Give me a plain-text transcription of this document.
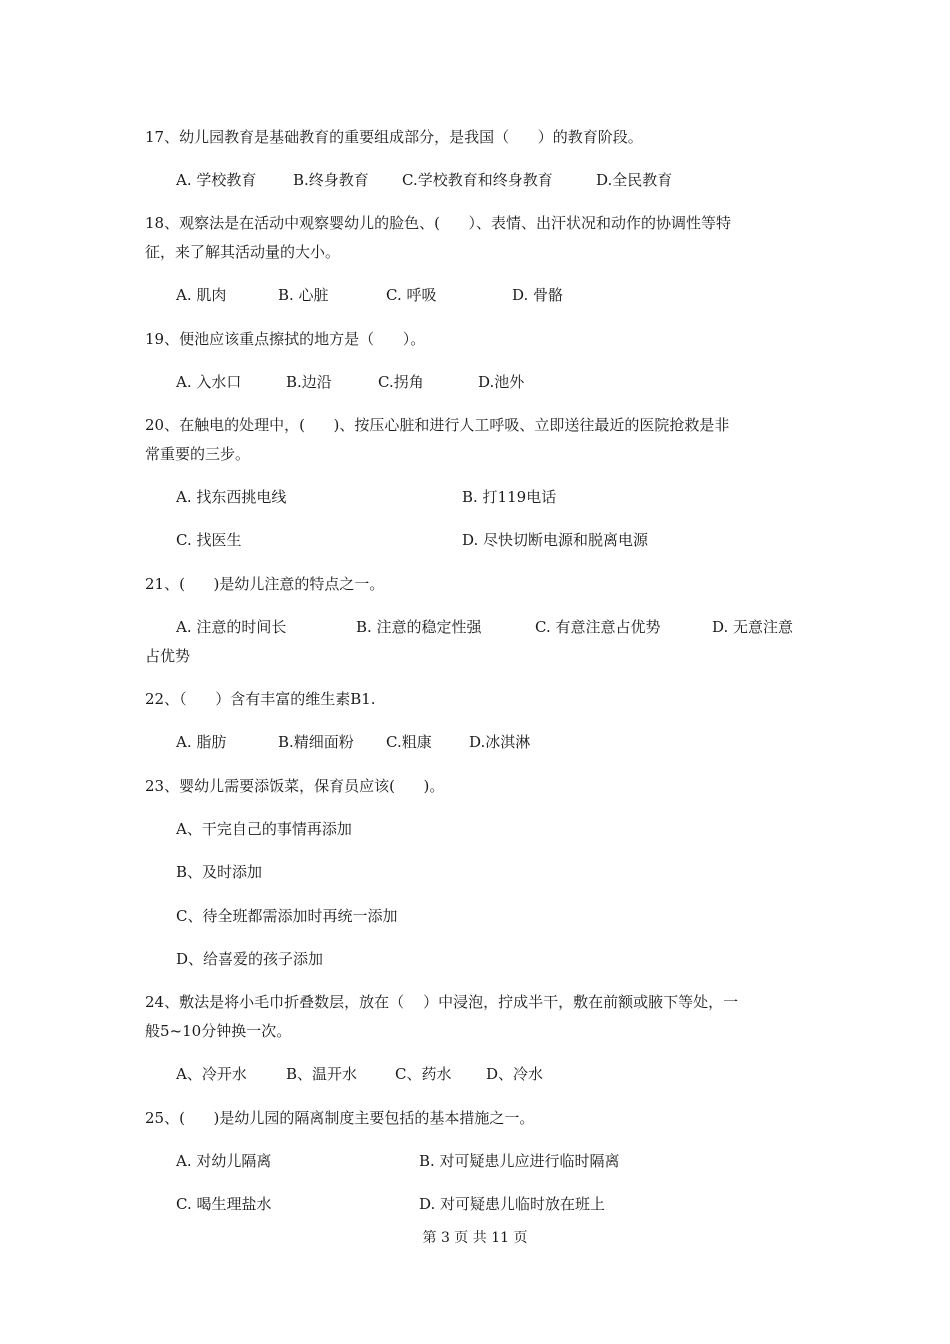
17、幼儿园教育是基础教育的重要组成部分，是我国（      ）的教育阶段。
A. 学校教育 B.终身教育 C.学校教育和终身教育	D.全民教育
18、观察法是在活动中观察婴幼儿的脸色、(      ）、表情、出汗状况和动作的协调性等特
征，来了解其活动量的大小。
A. 肌肉	B. 心脏	C. 呼吸	D. 骨骼
19、便池应该重点擦拭的地方是（      ）。
A. 入水口	B.边沿	C.拐角	D.池外
20、在触电的处理中，(      )、按压心脏和进行人工呼吸、立即送往最近的医院抢救是非
常重要的三步。
A. 找东西挑电线	B. 打119电话
C. 找医生	D. 尽快切断电源和脱离电源
21、(      )是幼儿注意的特点之一。
A. 注意的时间长	B. 注意的稳定性强	C. 有意注意占优势	D. 无意注意
占优势
22、（      ）含有丰富的维生素B1.
A. 脂肪	B.精细面粉 C.粗康 D.冰淇淋
23、婴幼儿需要添饭菜，保育员应该(      )。
A、干完自己的事情再添加
B、及时添加
C、待全班都需添加时再统一添加
D、给喜爱的孩子添加
24、敷法是将小毛巾折叠数层，放在（    ）中浸泡，拧成半干，敷在前额或腋下等处，一
般5~10分钟换一次。
A、冷开水	B、温开水	C、药水 D、冷水
25、(      )是幼儿园的隔离制度主要包括的基本措施之一。
A. 对幼儿隔离	B. 对可疑患儿应进行临时隔离
C. 喝生理盐水	D. 对可疑患儿临时放在班上
第 3 页 共 11 页
